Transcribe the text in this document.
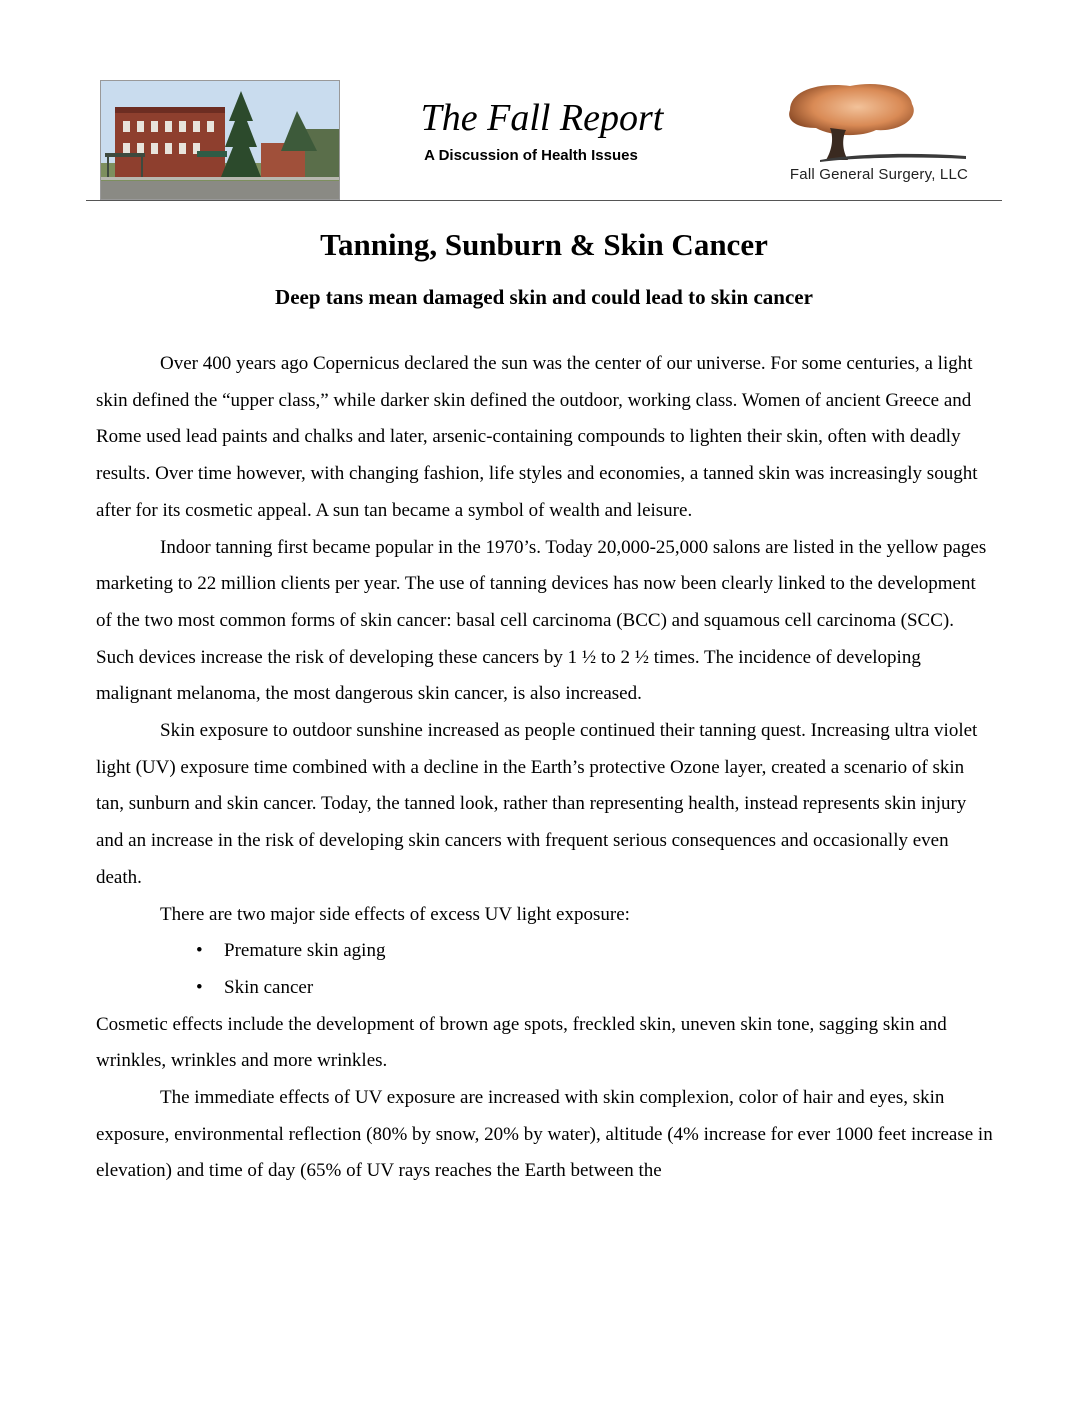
The Fall Report
A Discussion of Health Issues
Fall General Surgery, LLC
Tanning, Sunburn & Skin Cancer
Deep tans mean damaged skin and could lead to skin cancer

Over 400 years ago Copernicus declared the sun was the center of our universe. For some centuries, a light skin defined the “upper class,” while darker skin defined the outdoor, working class. Women of ancient Greece and Rome used lead paints and chalks and later, arsenic-containing compounds to lighten their skin, often with deadly results. Over time however, with changing fashion, life styles and economies, a tanned skin was increasingly sought after for its cosmetic appeal. A sun tan became a symbol of wealth and leisure.

Indoor tanning first became popular in the 1970’s. Today 20,000-25,000 salons are listed in the yellow pages marketing to 22 million clients per year. The use of tanning devices has now been clearly linked to the development of the two most common forms of skin cancer: basal cell carcinoma (BCC) and squamous cell carcinoma (SCC). Such devices increase the risk of developing these cancers by 1 ½ to 2 ½ times. The incidence of developing malignant melanoma, the most dangerous skin cancer, is also increased.

Skin exposure to outdoor sunshine increased as people continued their tanning quest. Increasing ultra violet light (UV) exposure time combined with a decline in the Earth’s protective Ozone layer, created a scenario of skin tan, sunburn and skin cancer. Today, the tanned look, rather than representing health, instead represents skin injury and an increase in the risk of developing skin cancers with frequent serious consequences and occasionally even death.

There are two major side effects of excess UV light exposure:

• Premature skin aging
• Skin cancer

Cosmetic effects include the development of brown age spots, freckled skin, uneven skin tone, sagging skin and wrinkles, wrinkles and more wrinkles.

The immediate effects of UV exposure are increased with skin complexion, color of hair and eyes, skin exposure, environmental reflection (80% by snow, 20% by water), altitude (4% increase for ever 1000 feet increase in elevation) and time of day (65% of UV rays reaches the Earth between the
